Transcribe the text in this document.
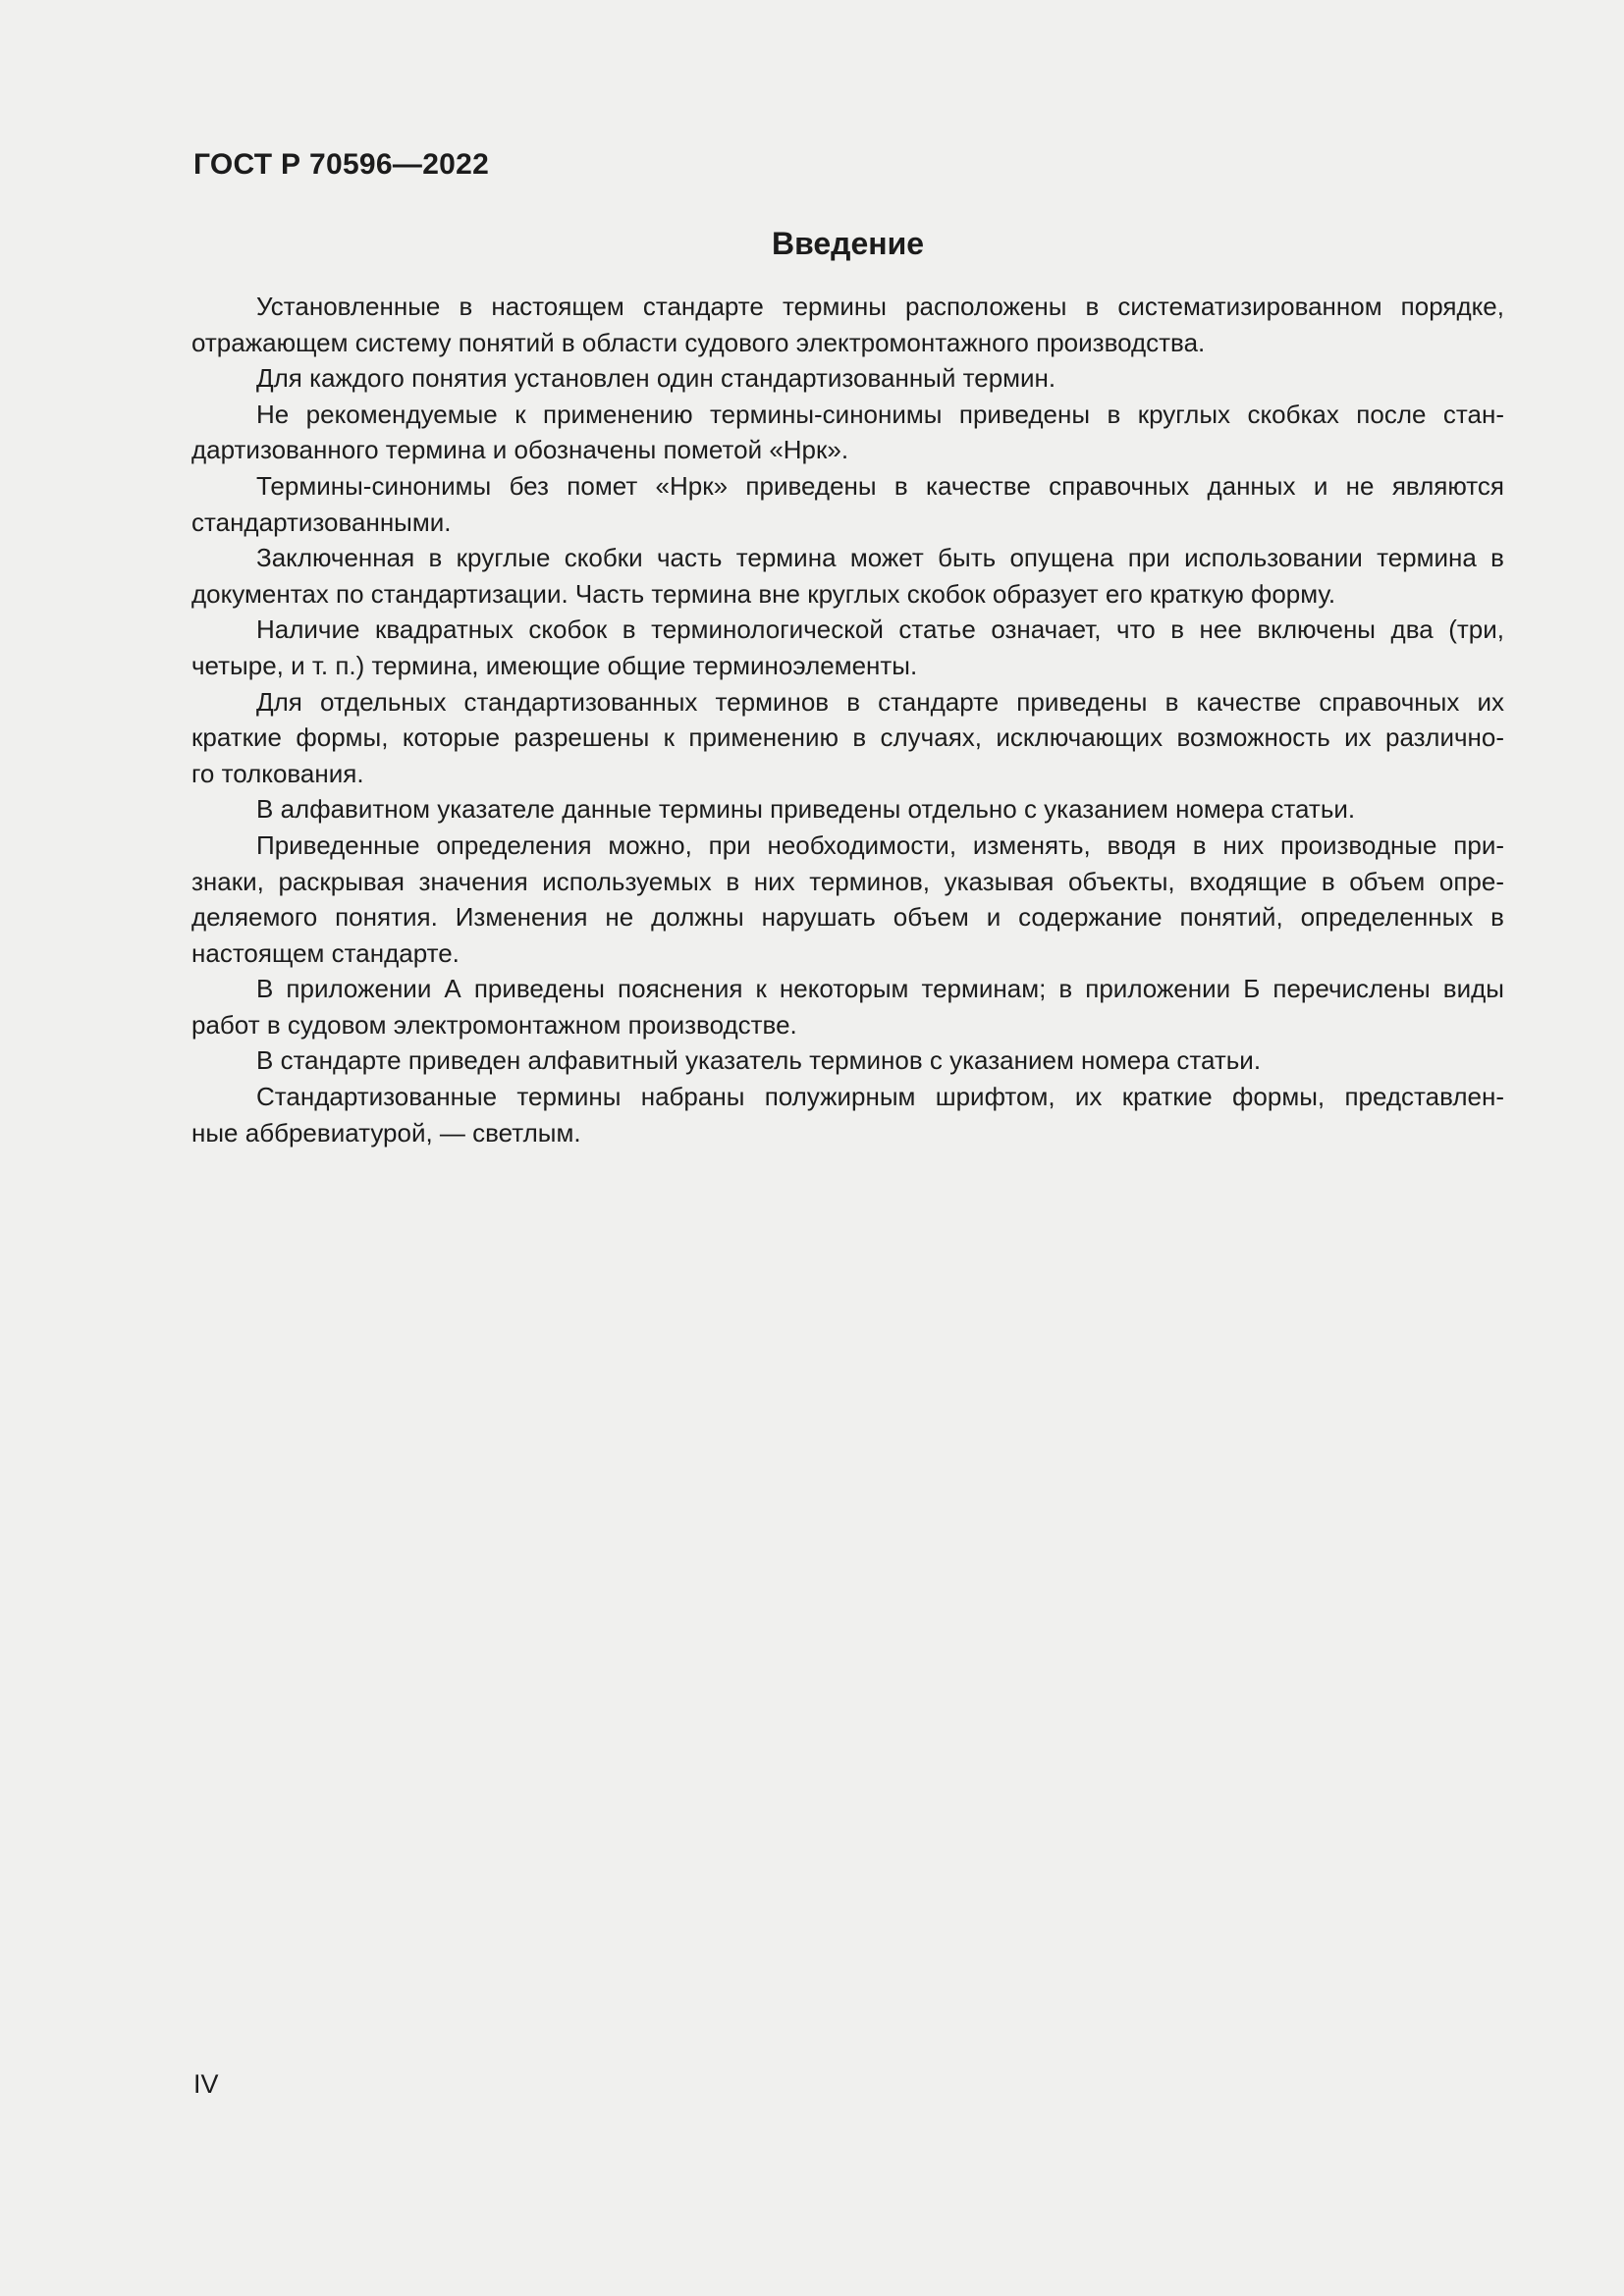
ГОСТ Р 70596—2022
Введение

Установленные в настоящем стандарте термины расположены в систематизированном порядке,
отражающем систему понятий в области судового электромонтажного производства.

Для каждого понятия установлен один стандартизованный термин.

Не рекомендуемые к применению термины-синонимы приведены в круглых скобках после стан-
дартизованного термина и обозначены пометой «Нрк».

Термины-синонимы без помет «Нрк» приведены в качестве справочных данных и не являются
стандартизованными.

Заключенная в круглые скобки часть термина может быть опущена при использовании термина в
документах по стандартизации. Часть термина вне круглых скобок образует его краткую форму.

Наличие квадратных скобок в терминологической статье означает, что в нее включены два (три,
четыре, и т. п.) термина, имеющие общие терминоэлементы.

Для отдельных стандартизованных терминов в стандарте приведены в качестве справочных их
краткие формы, которые разрешены к применению в случаях, исключающих возможность их различно-
го толкования.

В алфавитном указателе данные термины приведены отдельно с указанием номера статьи.

Приведенные определения можно, при необходимости, изменять, вводя в них производные при-
знаки, раскрывая значения используемых в них терминов, указывая объекты, входящие в объем опре-
деляемого понятия. Изменения не должны нарушать объем и содержание понятий, определенных в
настоящем стандарте.

В приложении А приведены пояснения к некоторым терминам; в приложении Б перечислены виды
работ в судовом электромонтажном производстве.

В стандарте приведен алфавитный указатель терминов с указанием номера статьи.

Стандартизованные термины набраны полужирным шрифтом, их краткие формы, представлен-
ные аббревиатурой, — светлым.

IV
